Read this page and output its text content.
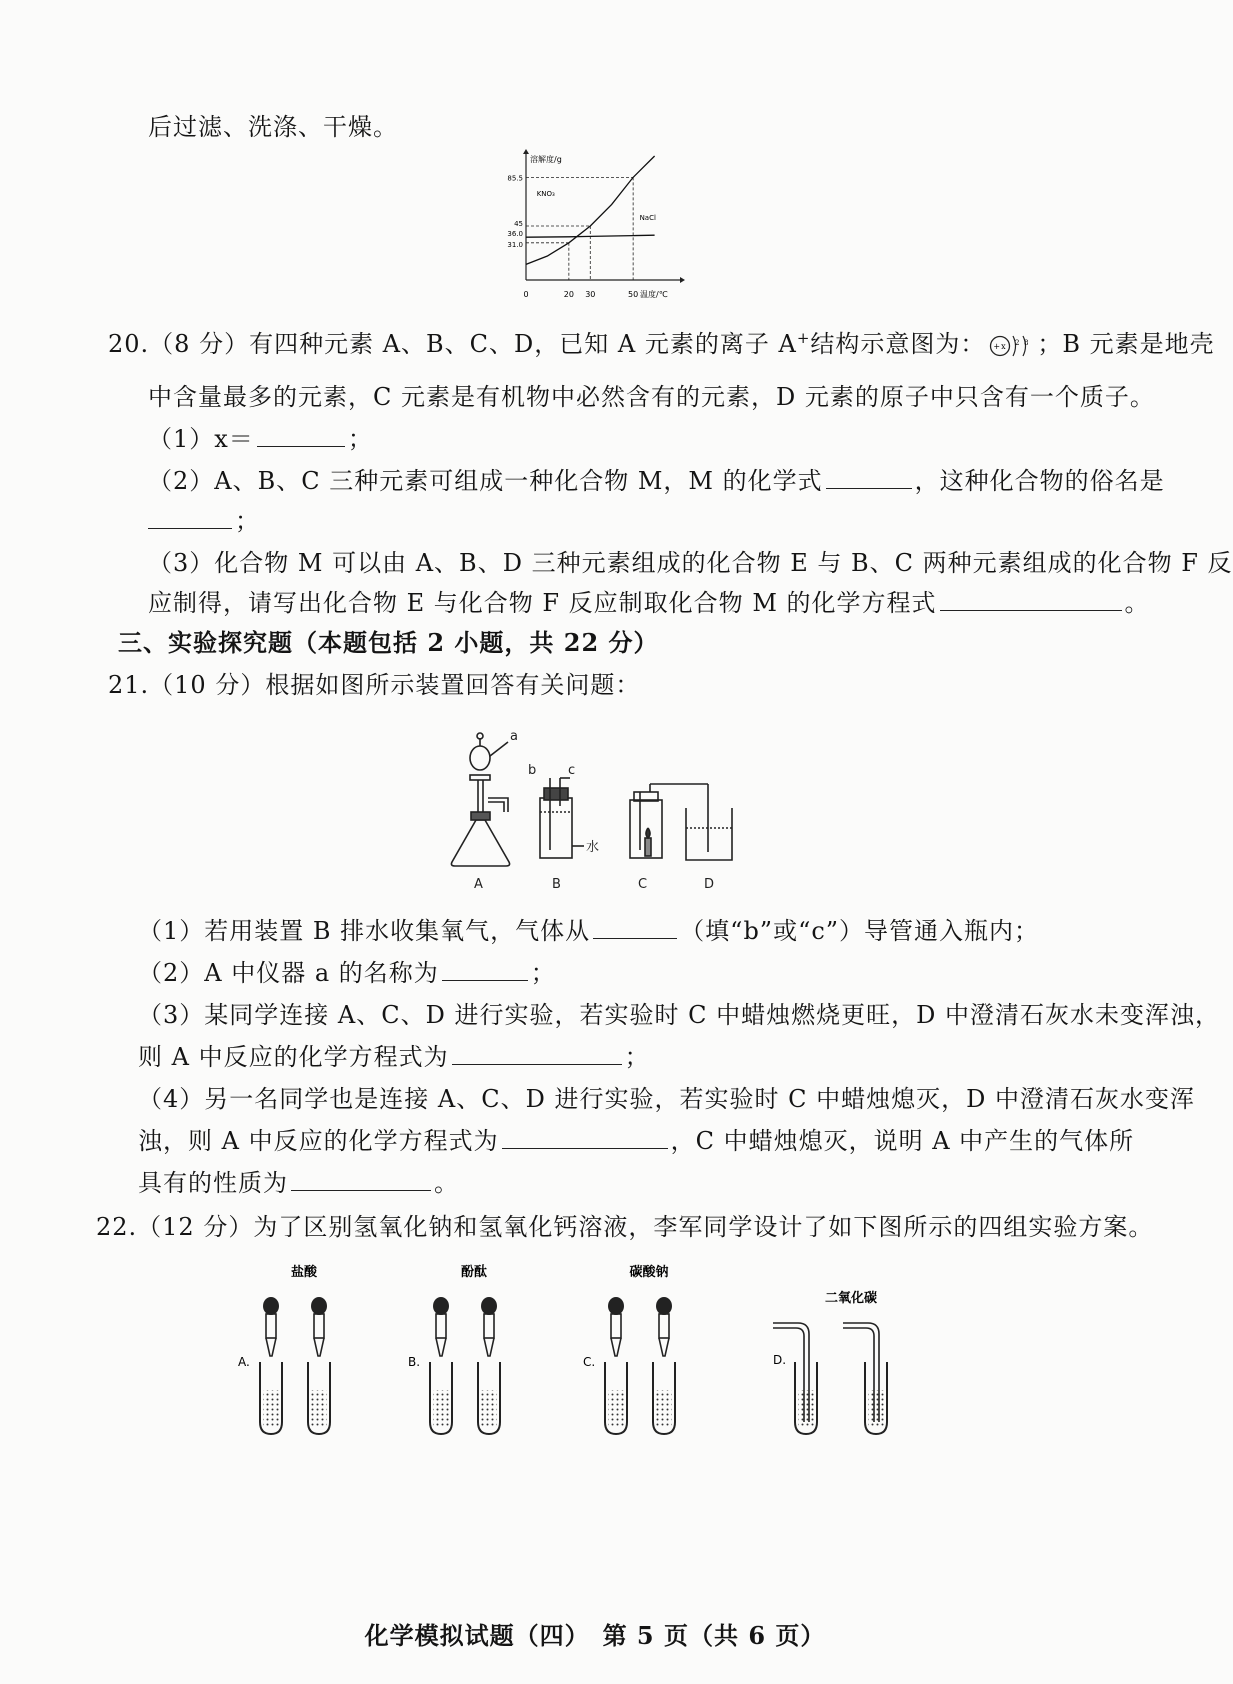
后过滤、洗涤、干燥。
溶解度/g
温度/℃
0	20 30	50
31.0
36.0
45
85.5
KNO₃
NaCl
20.（8 分）有四种元素 A、B、C、D，已知 A 元素的离子 A+结构示意图为： +x 2 8 ；B 元素是地壳
中含量最多的元素，C 元素是有机物中必然含有的元素，D 元素的原子中只含有一个质子。
（1）x＝	；
（2）A、B、C 三种元素可组成一种化合物 M，M 的化学式	，这种化合物的俗名是
；
（3）化合物 M 可以由 A、B、D 三种元素组成的化合物 E 与 B、C 两种元素组成的化合物 F 反
应制得，请写出化合物 E 与化合物 F 反应制取化合物 M 的化学方程式	。
三、实验探究题（本题包括 2 小题，共 22 分）
21.（10 分）根据如图所示装置回答有关问题：
a
b c
水
A	B	C	D
（1）若用装置 B 排水收集氧气，气体从	（填“b”或“c”）导管通入瓶内；
（2）A 中仪器 a 的名称为	；
（3）某同学连接 A、C、D 进行实验，若实验时 C 中蜡烛燃烧更旺，D 中澄清石灰水未变浑浊，
则 A 中反应的化学方程式为	；
（4）另一名同学也是连接 A、C、D 进行实验，若实验时 C 中蜡烛熄灭，D 中澄清石灰水变浑
浊，则 A 中反应的化学方程式为	，C 中蜡烛熄灭，说明 A 中产生的气体所
具有的性质为	。
22.（12 分）为了区别氢氧化钠和氢氧化钙溶液，李军同学设计了如下图所示的四组实验方案。
A.
盐酸
B.
酚酞
C.
碳酸钠
D.
二氧化碳
化学模拟试题（四）　第 5 页（共 6 页）
